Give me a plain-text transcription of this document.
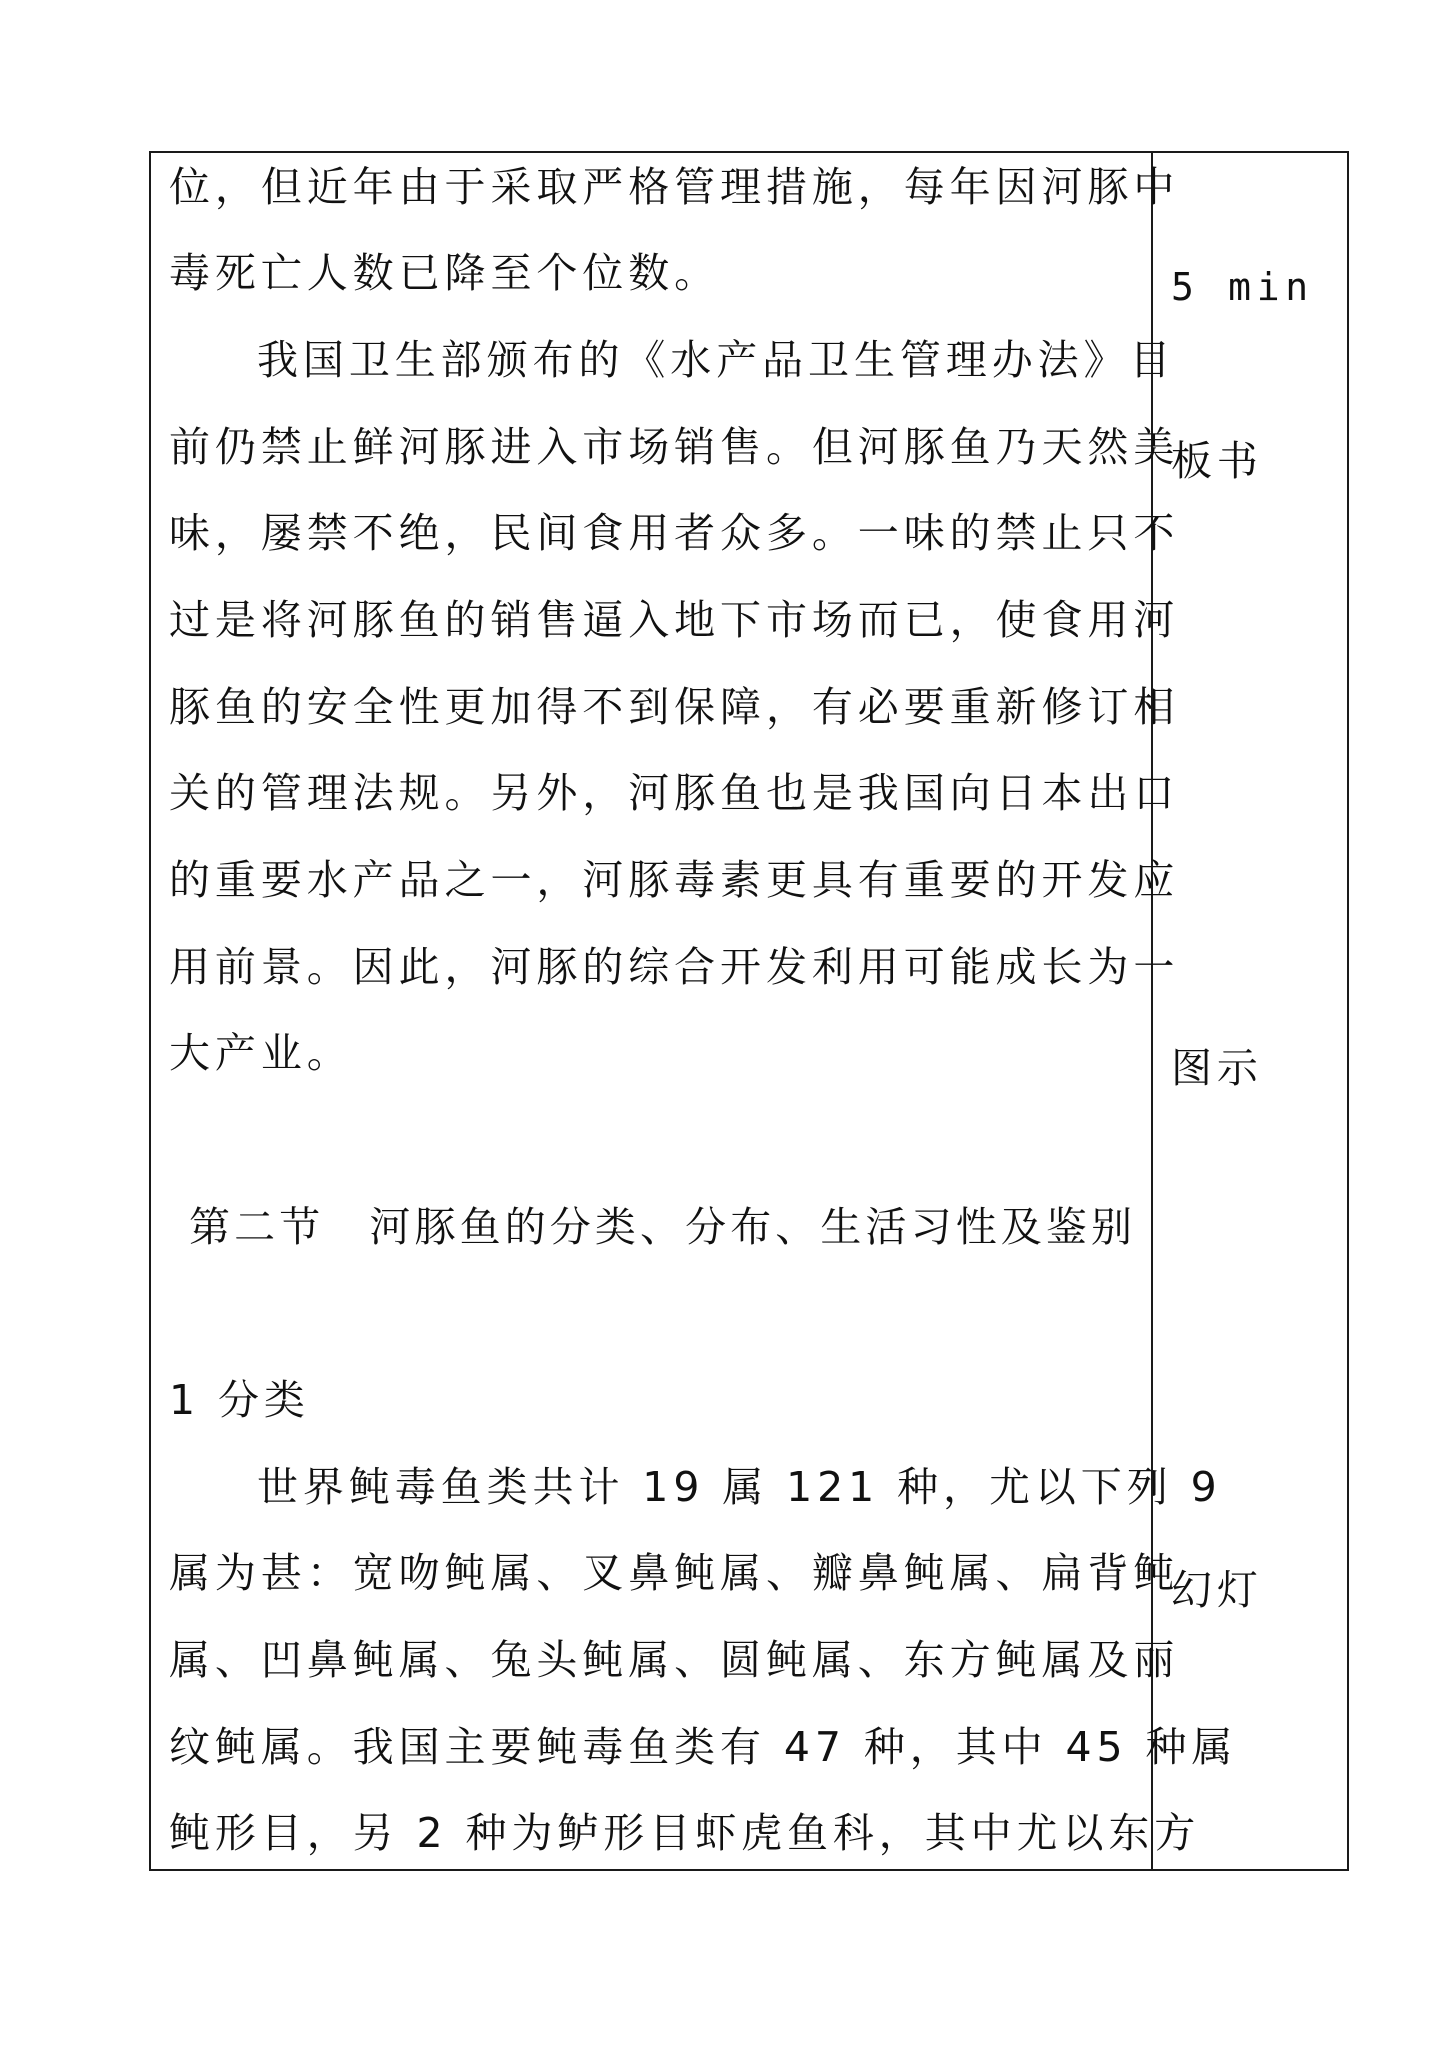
位，但近年由于采取严格管理措施，每年因河豚中
毒死亡人数已降至个位数。
我国卫生部颁布的《水产品卫生管理办法》目
前仍禁止鲜河豚进入市场销售。但河豚鱼乃天然美
味，屡禁不绝，民间食用者众多。一味的禁止只不
过是将河豚鱼的销售逼入地下市场而已，使食用河
豚鱼的安全性更加得不到保障，有必要重新修订相
关的管理法规。另外，河豚鱼也是我国向日本出口
的重要水产品之一，河豚毒素更具有重要的开发应
用前景。因此，河豚的综合开发利用可能成长为一
大产业。
第二节　河豚鱼的分类、分布、生活习性及鉴别
1 分类
世界鲀毒鱼类共计 19 属 121 种，尤以下列 9
属为甚：宽吻鲀属、叉鼻鲀属、瓣鼻鲀属、扁背鲀
属、凹鼻鲀属、兔头鲀属、圆鲀属、东方鲀属及丽
纹鲀属。我国主要鲀毒鱼类有 47 种，其中 45 种属
鲀形目，另 2 种为鲈形目虾虎鱼科，其中尤以东方
5 min
板书
图示
幻灯
